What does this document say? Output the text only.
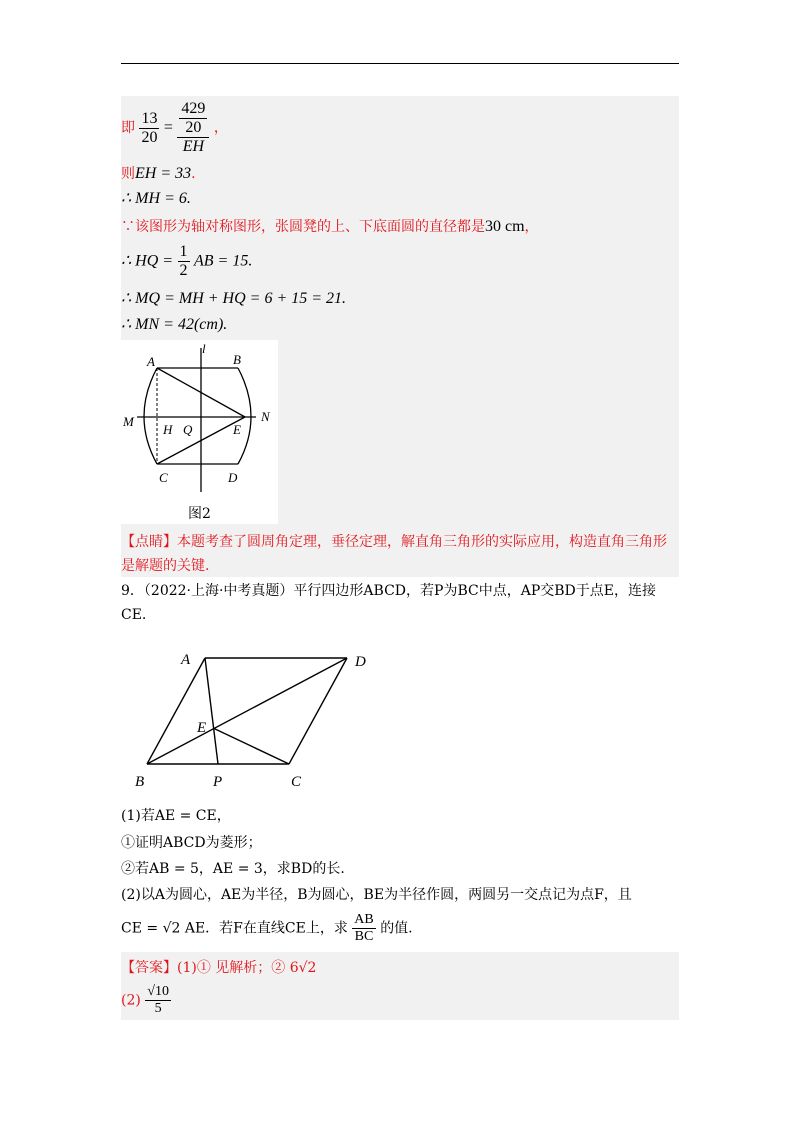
即 $\frac{13}{20} = \frac{\frac{429}{20}}{EH}$ ，
则EH = 33.
∴ MH = 6.
∵该图形为轴对称图形，张圆凳的上、下底面圆的直径都是30 cm，
∴ HQ = $\frac{1}{2}$ AB = 15.
∴ MQ = MH + HQ = 6 + 15 = 21.
∴ MN = 42(cm).
A	B
l
M	N
H Q	E
C	D
图2
【点睛】本题考查了圆周角定理，垂径定理，解直角三角形的实际应用，构造直角三角形
是解题的关键.
9．（2022·上海·中考真题）平行四边形ABCD，若P为BC中点，AP交BD于点E，连接
CE.
A	D
E
B	P	C
(1)若AE = CE，
①证明ABCD为菱形；
②若AB = 5，AE = 3，求BD的长.
(2)以A为圆心，AE为半径，B为圆心，BE为半径作圆，两圆另一交点记为点F，且
CE = √2 AE．若F在直线CE上，求 $\frac{AB}{BC}$ 的值.
【答案】(1)① 见解析；② 6√2
$(2) \frac{√10}{5}$
